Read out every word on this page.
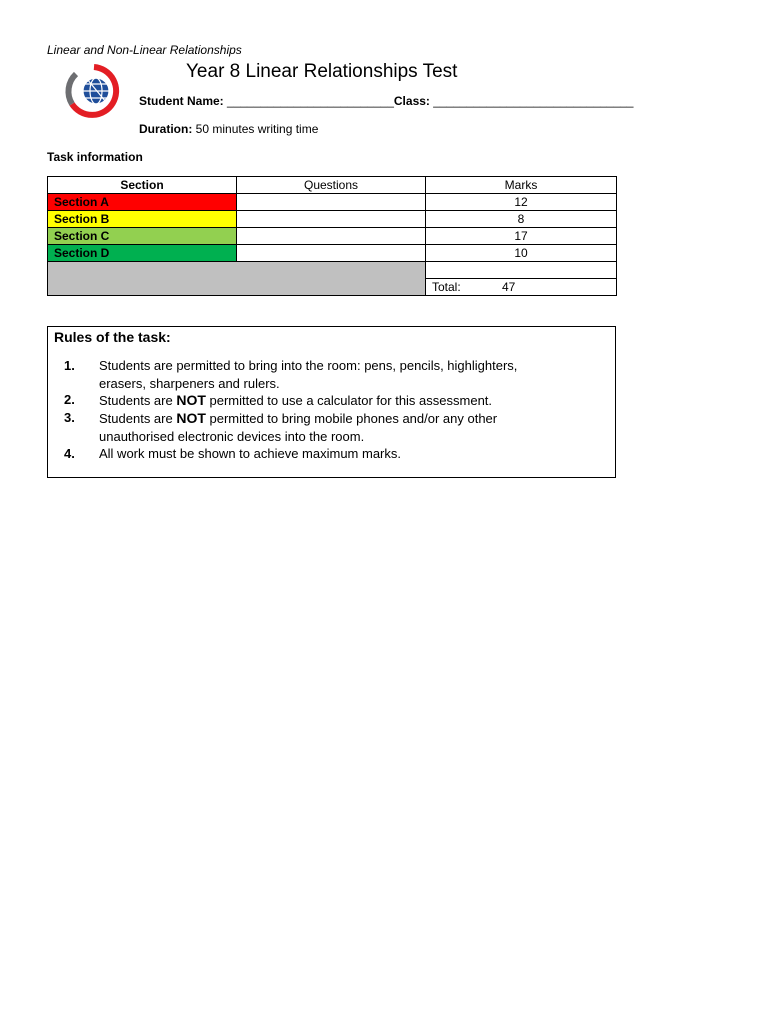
Linear and Non-Linear Relationships
Year 8 Linear Relationships Test
Student Name: _________________________Class: ______________________________
Duration: 50 minutes writing time
Task information
Section	Questions	Marks
Section A		12
Section B		8
Section C		17
Section D		10

		Total: 47
Rules of the task:
1.	Students are permitted to bring into the room: pens, pencils, highlighters,
erasers, sharpeners and rulers.
2.	Students are NOT permitted to use a calculator for this assessment.
3.	Students are NOT permitted to bring mobile phones and/or any other
unauthorised electronic devices into the room.
4.	All work must be shown to achieve maximum marks.
